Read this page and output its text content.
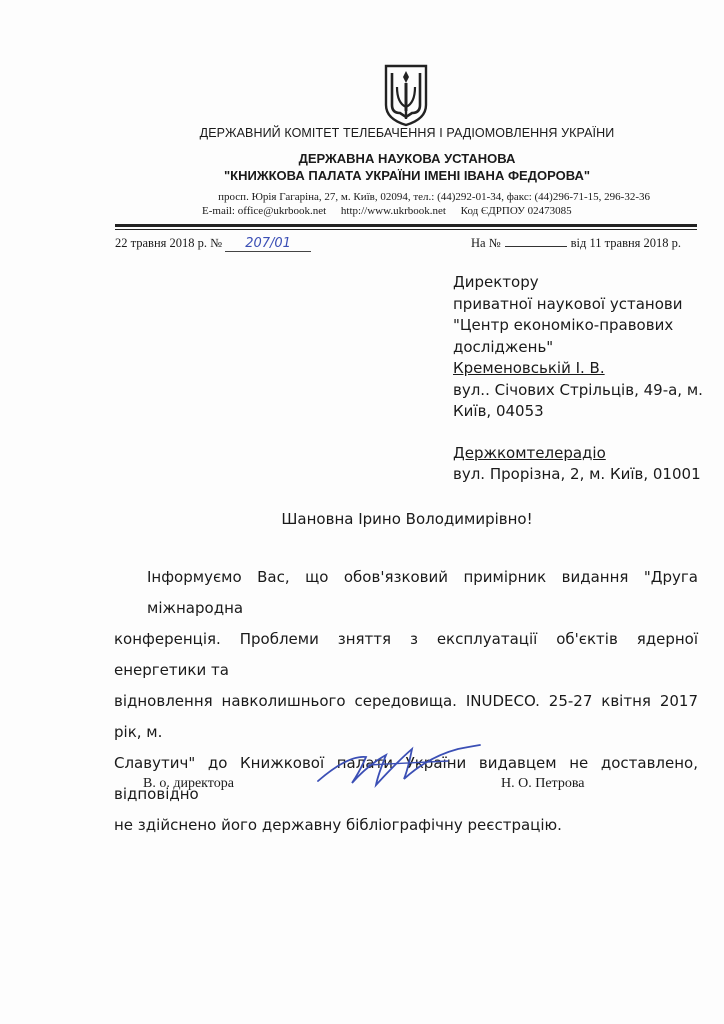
ДЕРЖАВНИЙ КОМІТЕТ ТЕЛЕБАЧЕННЯ І РАДІОМОВЛЕННЯ УКРАЇНИ
ДЕРЖАВНА НАУКОВА УСТАНОВА
"КНИЖКОВА ПАЛАТА УКРАЇНИ ІМЕНІ ІВАНА ФЕДОРОВА"
просп. Юрія Гагаріна, 27, м. Київ, 02094, тел.: (44)292-01-34, факс: (44)296-71-15, 296-32-36
E-mail: office@ukrbook.net http://www.ukrbook.net Код ЄДРПОУ 02473085
22 травня 2018 р. № 207/01	На №	від 11 травня 2018 р.
Директору
приватної наукової установи
"Центр економіко-правових
досліджень"
Кременовській І. В.
вул.. Січових Стрільців, 49-а, м.
Київ, 04053
Держкомтелерадіо
вул. Прорізна, 2, м. Київ, 01001
Шановна Ірино Володимирівно!
Інформуємо Вас, що обов'язковий примірник видання "Друга міжнародна
конференція. Проблеми зняття з експлуатації об'єктів ядерної енергетики та
відновлення навколишнього середовища. INUDECO. 25-27 квітня 2017 рік, м.
Славутич" до Книжкової палати України видавцем не доставлено, відповідно
не здійснено його державну бібліографічну реєстрацію.
В. о. директора	Н. О. Петрова
